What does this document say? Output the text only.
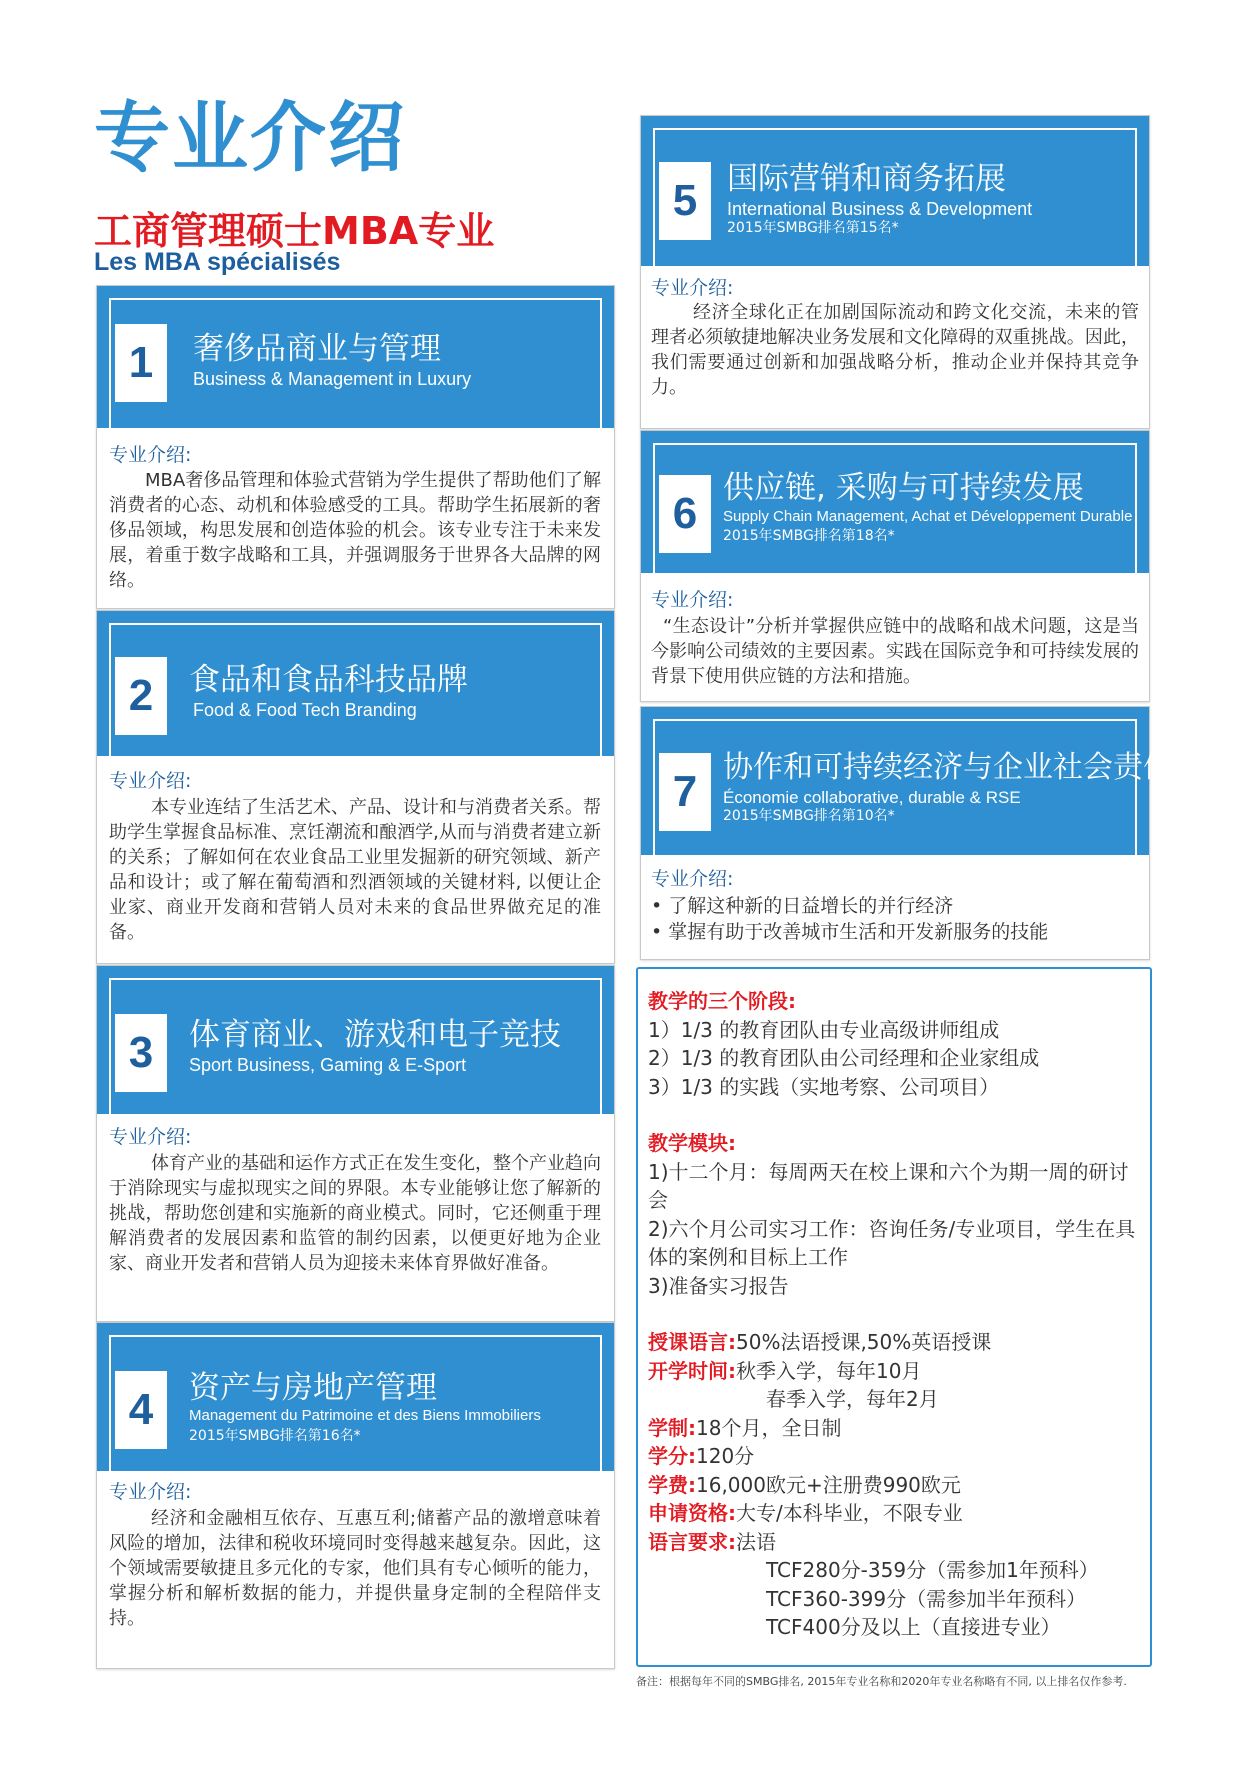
专业介绍
工商管理硕士MBA专业
Les MBA spécialisés
1	奢侈品商业与管理
Business & Management in Luxury
专业介绍:
MBA奢侈品管理和体验式营销为学生提供了帮助他们了解消费者的心态、动机和体验感受的工具。帮助学生拓展新的奢侈品领域，构思发展和创造体验的机会。该专业专注于未来发展，着重于数字战略和工具，并强调服务于世界各大品牌的网络。
2	食品和食品科技品牌
Food & Food Tech Branding
专业介绍:
本专业连结了生活艺术、产品、设计和与消费者关系。帮助学生掌握食品标准、烹饪潮流和酿酒学,从而与消费者建立新的关系；了解如何在农业食品工业里发掘新的研究领域、新产品和设计；或了解在葡萄酒和烈酒领域的关键材料, 以便让企业家、商业开发商和营销人员对未来的食品世界做充足的准备。
3	体育商业、游戏和电子竞技
Sport Business, Gaming & E-Sport
专业介绍:
体育产业的基础和运作方式正在发生变化，整个产业趋向于消除现实与虚拟现实之间的界限。本专业能够让您了解新的挑战，帮助您创建和实施新的商业模式。同时，它还侧重于理解消费者的发展因素和监管的制约因素，以便更好地为企业家、商业开发者和营销人员为迎接未来体育界做好准备。
4	资产与房地产管理
Management du Patrimoine et des Biens Immobiliers
2015年SMBG排名第16名*
专业介绍:
经济和金融相互依存、互惠互利;储蓄产品的激增意味着风险的增加，法律和税收环境同时变得越来越复杂。因此，这个领域需要敏捷且多元化的专家，他们具有专心倾听的能力，掌握分析和解析数据的能力，并提供量身定制的全程陪伴支持。
5 国际营销和商务拓展
International Business & Development
2015年SMBG排名第15名*
专业介绍:
经济全球化正在加剧国际流动和跨文化交流，未来的管理者必须敏捷地解决业务发展和文化障碍的双重挑战。因此，我们需要通过创新和加强战略分析，推动企业并保持其竞争力。
6
供应链, 采购与可持续发展
Supply Chain Management, Achat et Développement Durable
2015年SMBG排名第18名*
专业介绍:
“生态设计”分析并掌握供应链中的战略和战术问题，这是当今影响公司绩效的主要因素。实践在国际竞争和可持续发展的背景下使用供应链的方法和措施。
7 协作和可持续经济与企业社会责任
Économie collaborative, durable & RSE
2015年SMBG排名第10名*
专业介绍:
• 了解这种新的日益增长的并行经济
• 掌握有助于改善城市生活和开发新服务的技能

教学的三个阶段:

1）1/3 的教育团队由专业高级讲师组成

2）1/3 的教育团队由公司经理和企业家组成

3）1/3 的实践（实地考察、公司项目）

教学模块:

1)十二个月：每周两天在校上课和六个为期一周的研讨会

2)六个月公司实习工作：咨询任务/专业项目，学生在具体的案例和目标上工作

3)准备实习报告

授课语言:50%法语授课,50%英语授课

开学时间:秋季入学，每年10月

春季入学，每年2月

学制:18个月，全日制

学分:120分

学费:16,000欧元+注册费990欧元

申请资格:大专/本科毕业，不限专业

语言要求:法语

TCF280分-359分（需参加1年预科）

TCF360-399分（需参加半年预科）

TCF400分及以上（直接进专业）

备注：根据每年不同的SMBG排名, 2015年专业名称和2020年专业名称略有不同, 以上排名仅作参考.
